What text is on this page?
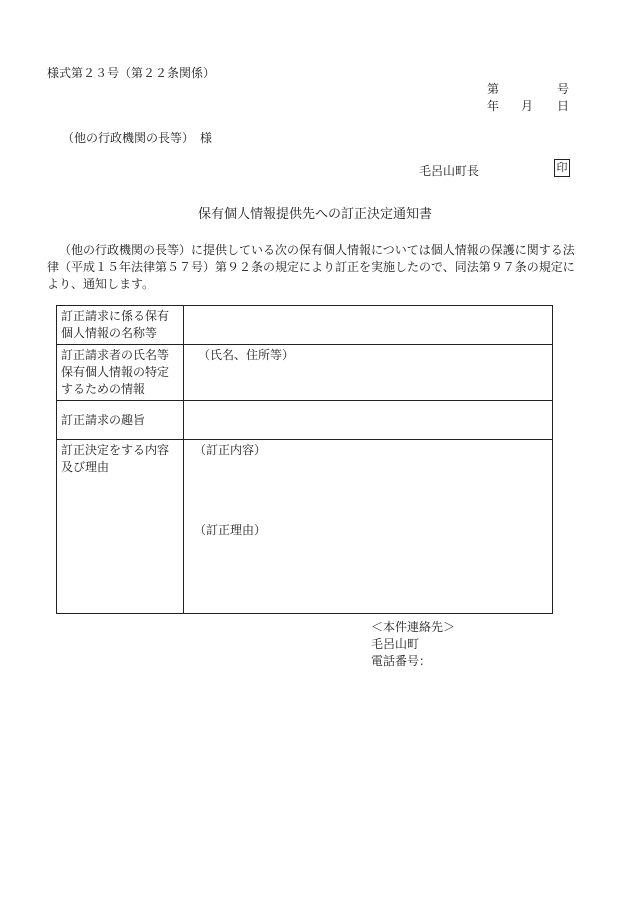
様式第２３号（第２２条関係）
第	号
年 月 日
（他の行政機関の長等）　様
毛呂山町長	印
保有個人情報提供先への訂正決定通知書
（他の行政機関の長等）に提供している次の保有個人情報については個人情報の保護に関する法律（平成１５年法律第５７号）第９２条の規定により訂正を実施したので、同法第９７条の規定により、通知します。
訂正請求に係る保有個人情報の名称等	
訂正請求者の氏名等保有個人情報の特定するための情報	（氏名、住所等）
訂正請求の趣旨	
訂正決定をする内容及び理由	（訂正内容）
（訂正理由）
＜本件連絡先＞
毛呂山町
電話番号：
